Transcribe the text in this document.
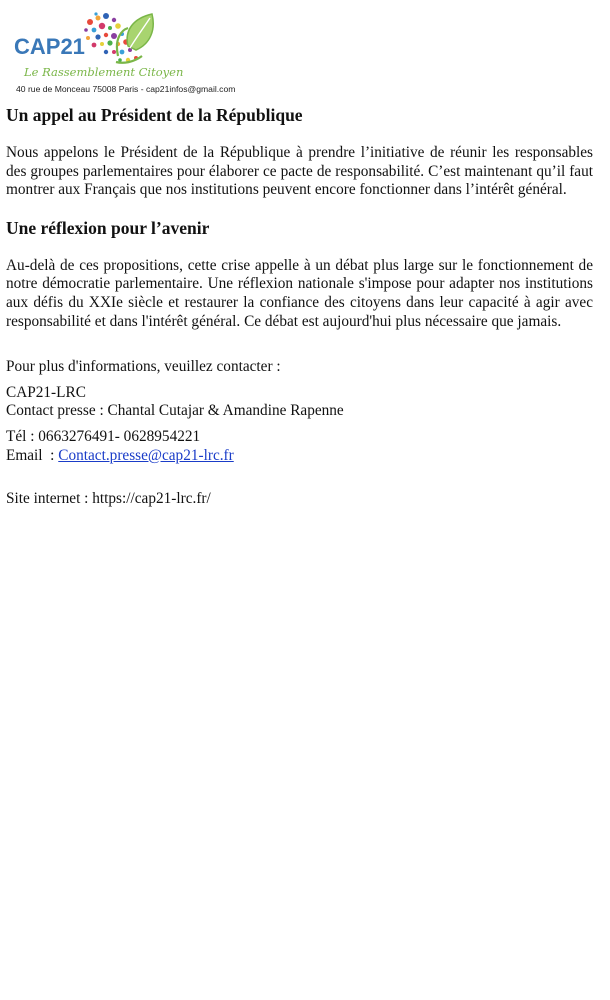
CAP21
Le Rassemblement Citoyen
40 rue de Monceau 75008 Paris - cap21infos@gmail.com
Un appel au Président de la République

Nous appelons le Président de la République à prendre l’initiative de réunir les responsables des groupes parlementaires pour élaborer ce pacte de responsabilité. C’est maintenant qu’il faut montrer aux Français que nos institutions peuvent encore fonctionner dans l’intérêt général.

Une réflexion pour l’avenir

Au-delà de ces propositions, cette crise appelle à un débat plus large sur le fonctionnement de notre démocratie parlementaire. Une réflexion nationale s'impose pour adapter nos institutions aux défis du XXIe siècle et restaurer la confiance des citoyens dans leur capacité à agir avec responsabilité et dans l'intérêt général. Ce débat est aujourd'hui plus nécessaire que jamais.

Pour plus d'informations, veuillez contacter :

CAP21-LRC

Contact presse : Chantal Cutajar & Amandine Rapenne

Tél : 0663276491- 0628954221

Email  : Contact.presse@cap21-lrc.fr

Site internet : https://cap21-lrc.fr/
